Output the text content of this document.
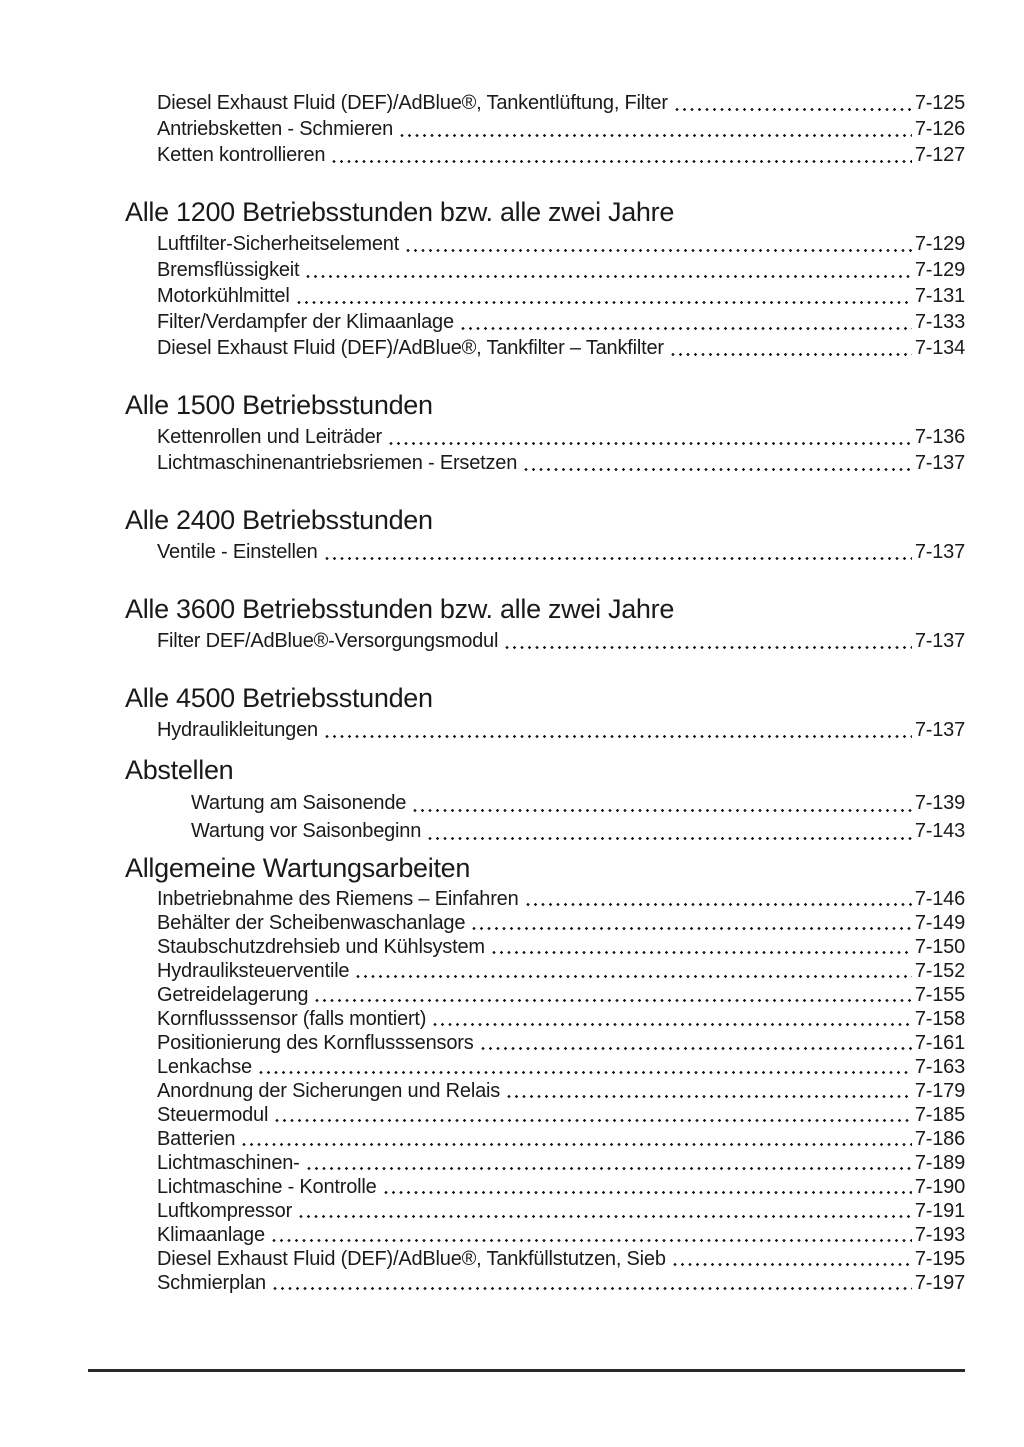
Diesel Exhaust Fluid (DEF)/AdBlue®, Tankentlüftung, Filter	7-125
Antriebsketten - Schmieren	7-126
Ketten kontrollieren	7-127
Alle 1200 Betriebsstunden bzw. alle zwei Jahre
Luftfilter-Sicherheitselement	7-129
Bremsflüssigkeit	7-129
Motorkühlmittel	7-131
Filter/Verdampfer der Klimaanlage	7-133
Diesel Exhaust Fluid (DEF)/AdBlue®, Tankfilter – Tankfilter	7-134
Alle 1500 Betriebsstunden
Kettenrollen und Leiträder	7-136
Lichtmaschinenantriebsriemen - Ersetzen	7-137
Alle 2400 Betriebsstunden
Ventile - Einstellen	7-137
Alle 3600 Betriebsstunden bzw. alle zwei Jahre
Filter DEF/AdBlue®-Versorgungsmodul	7-137
Alle 4500 Betriebsstunden
Hydraulikleitungen	7-137
Abstellen
Wartung am Saisonende	7-139
Wartung vor Saisonbeginn	7-143
Allgemeine Wartungsarbeiten
Inbetriebnahme des Riemens – Einfahren	7-146
Behälter der Scheibenwaschanlage	7-149
Staubschutzdrehsieb und Kühlsystem	7-150
Hydrauliksteuerventile	7-152
Getreidelagerung	7-155
Kornflusssensor (falls montiert)	7-158
Positionierung des Kornflusssensors	7-161
Lenkachse	7-163
Anordnung der Sicherungen und Relais	7-179
Steuermodul	7-185
Batterien	7-186
Lichtmaschinen-	7-189
Lichtmaschine - Kontrolle	7-190
Luftkompressor	7-191
Klimaanlage	7-193
Diesel Exhaust Fluid (DEF)/AdBlue®, Tankfüllstutzen, Sieb	7-195
Schmierplan	7-197
